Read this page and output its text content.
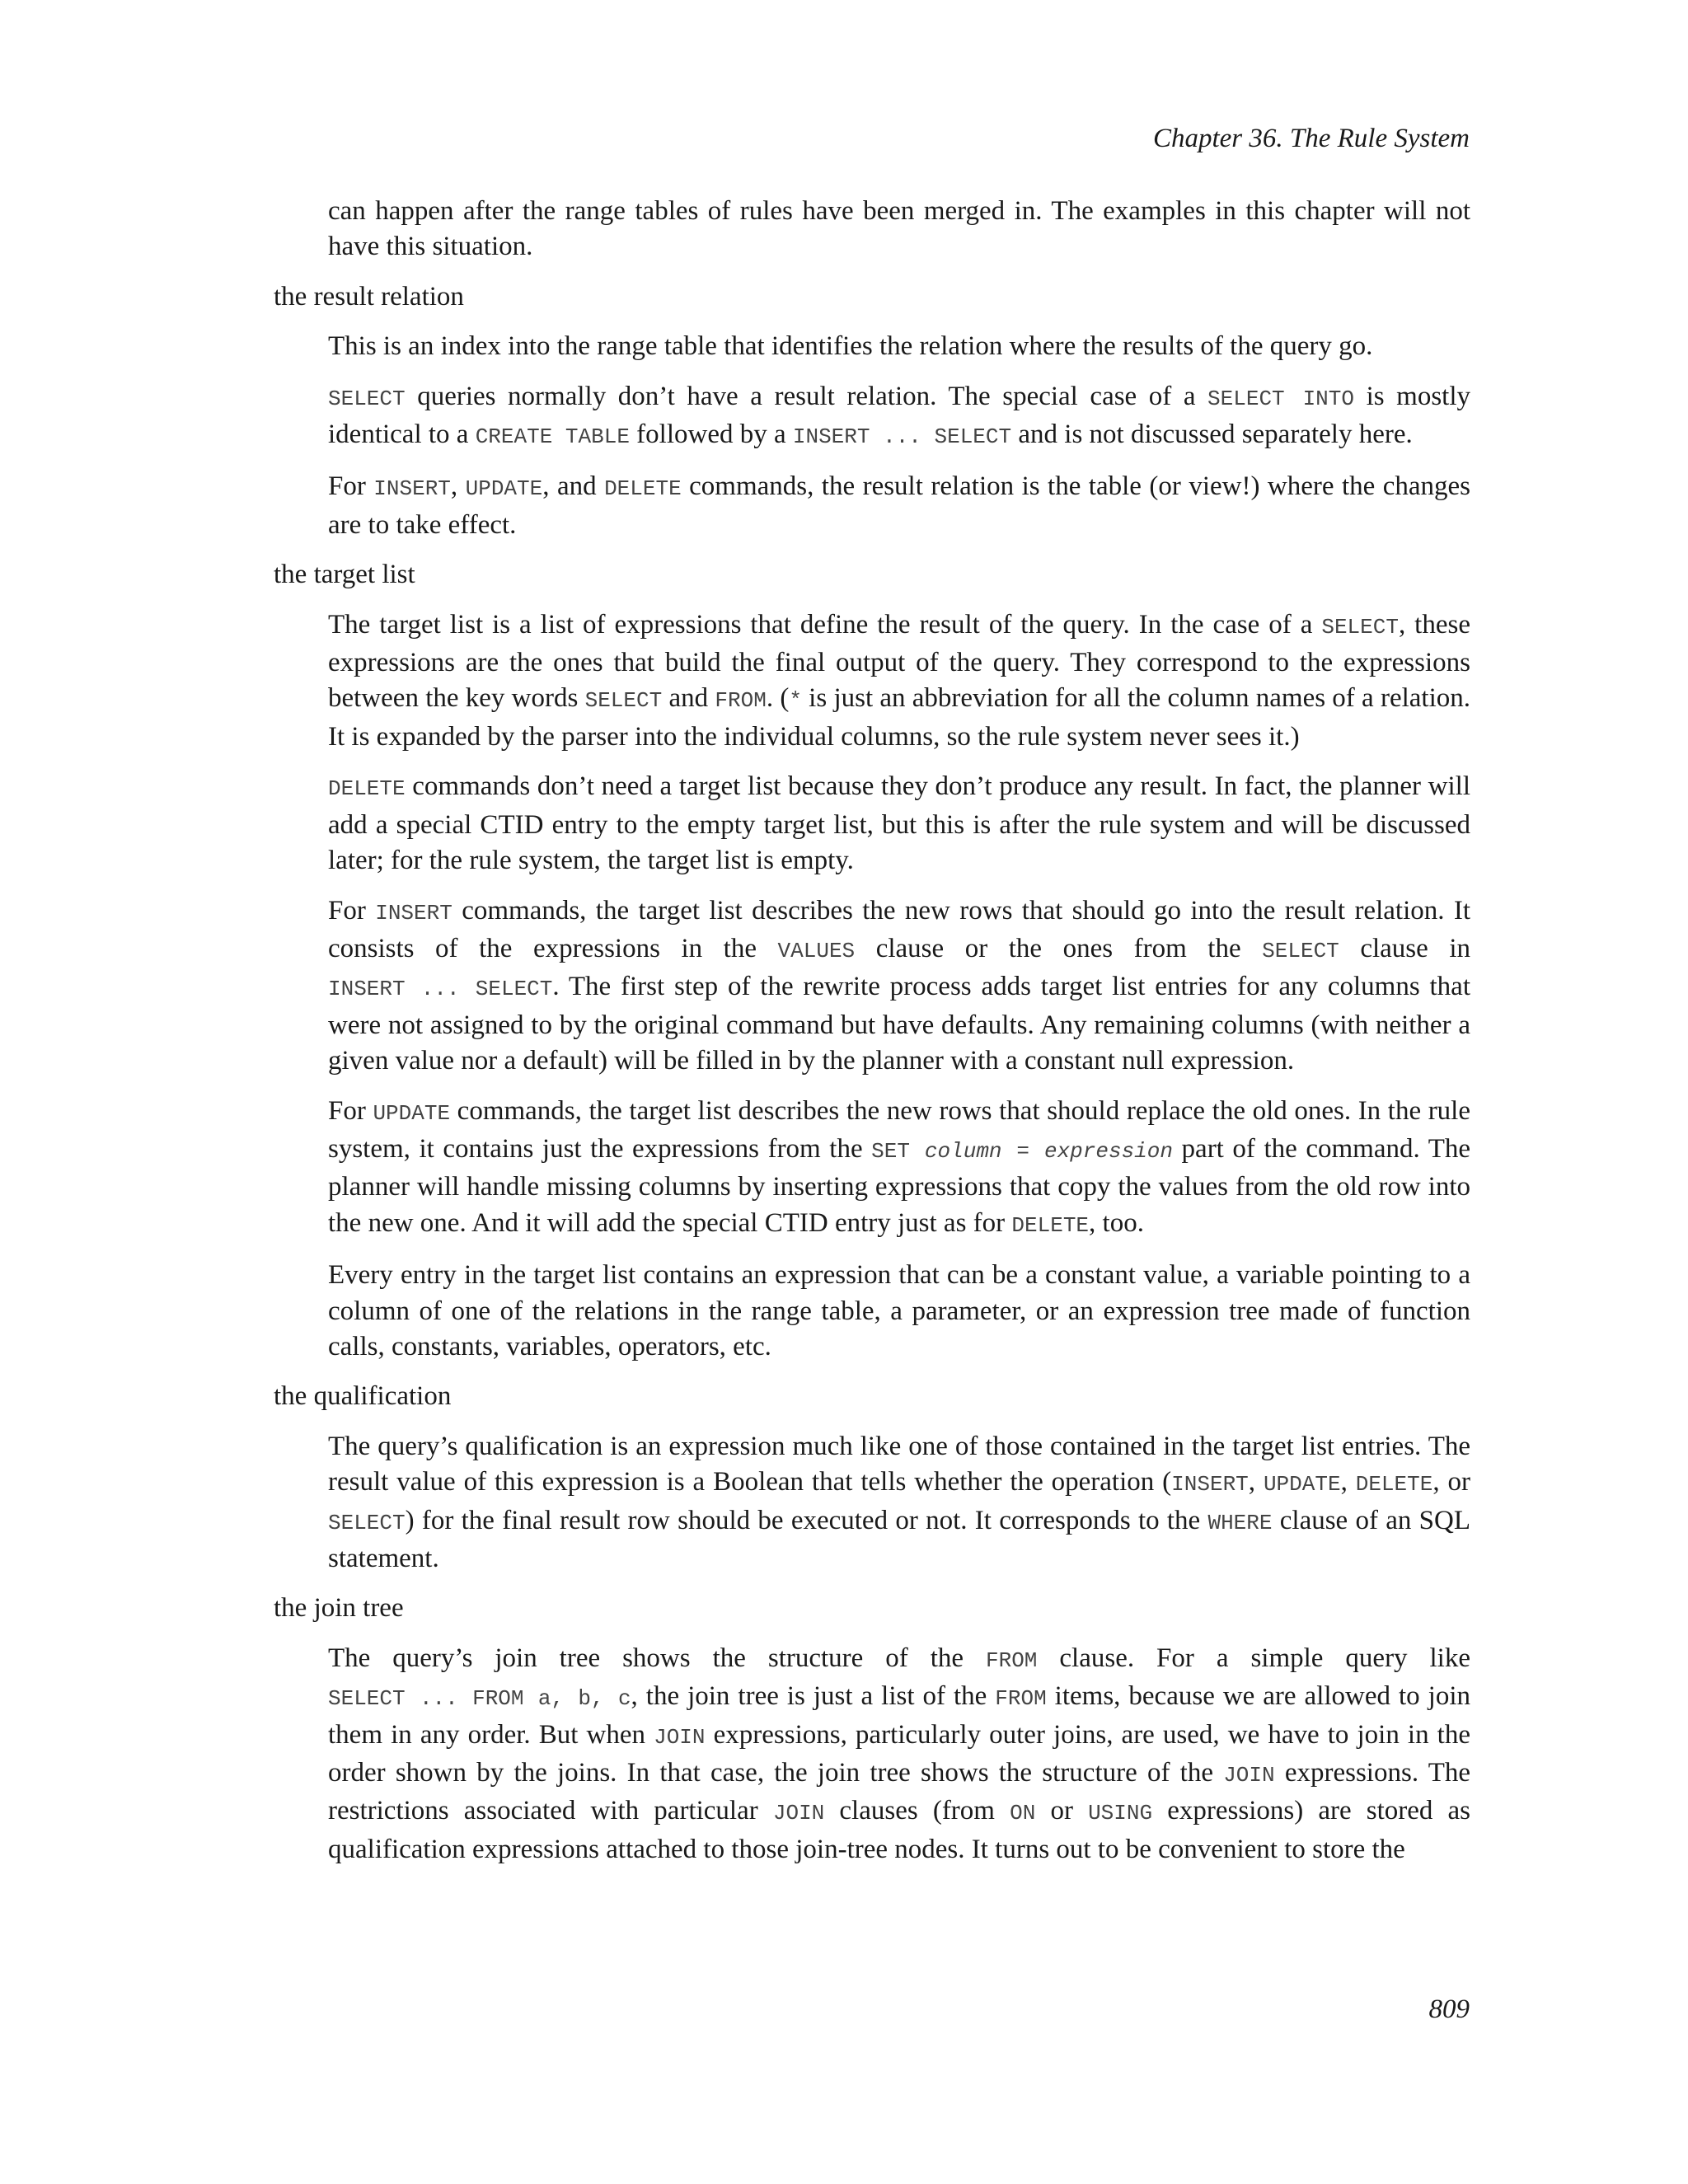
Chapter 36. The Rule System
can happen after the range tables of rules have been merged in. The examples in this chapter will not have this situation.
the result relation
This is an index into the range table that identifies the relation where the results of the query go.
SELECT queries normally don’t have a result relation. The special case of a SELECT INTO is mostly identical to a CREATE TABLE followed by a INSERT ... SELECT and is not discussed separately here.
For INSERT, UPDATE, and DELETE commands, the result relation is the table (or view!) where the changes are to take effect.
the target list
The target list is a list of expressions that define the result of the query. In the case of a SELECT, these expressions are the ones that build the final output of the query. They correspond to the expressions between the key words SELECT and FROM. (* is just an abbreviation for all the column names of a relation. It is expanded by the parser into the individual columns, so the rule system never sees it.)
DELETE commands don’t need a target list because they don’t produce any result. In fact, the planner will add a special CTID entry to the empty target list, but this is after the rule system and will be discussed later; for the rule system, the target list is empty.
For INSERT commands, the target list describes the new rows that should go into the result relation. It consists of the expressions in the VALUES clause or the ones from the SELECT clause in INSERT ... SELECT. The first step of the rewrite process adds target list entries for any columns that were not assigned to by the original command but have defaults. Any remaining columns (with neither a given value nor a default) will be filled in by the planner with a constant null expression.
For UPDATE commands, the target list describes the new rows that should replace the old ones. In the rule system, it contains just the expressions from the SET column = expression part of the command. The planner will handle missing columns by inserting expressions that copy the values from the old row into the new one. And it will add the special CTID entry just as for DELETE, too.
Every entry in the target list contains an expression that can be a constant value, a variable pointing to a column of one of the relations in the range table, a parameter, or an expression tree made of function calls, constants, variables, operators, etc.
the qualification
The query’s qualification is an expression much like one of those contained in the target list entries. The result value of this expression is a Boolean that tells whether the operation (INSERT, UPDATE, DELETE, or SELECT) for the final result row should be executed or not. It corresponds to the WHERE clause of an SQL statement.
the join tree
The query’s join tree shows the structure of the FROM clause. For a simple query like SELECT ... FROM a, b, c, the join tree is just a list of the FROM items, because we are allowed to join them in any order. But when JOIN expressions, particularly outer joins, are used, we have to join in the order shown by the joins. In that case, the join tree shows the structure of the JOIN expressions. The restrictions associated with particular JOIN clauses (from ON or USING expressions) are stored as qualification expressions attached to those join-tree nodes. It turns out to be convenient to store the
809
